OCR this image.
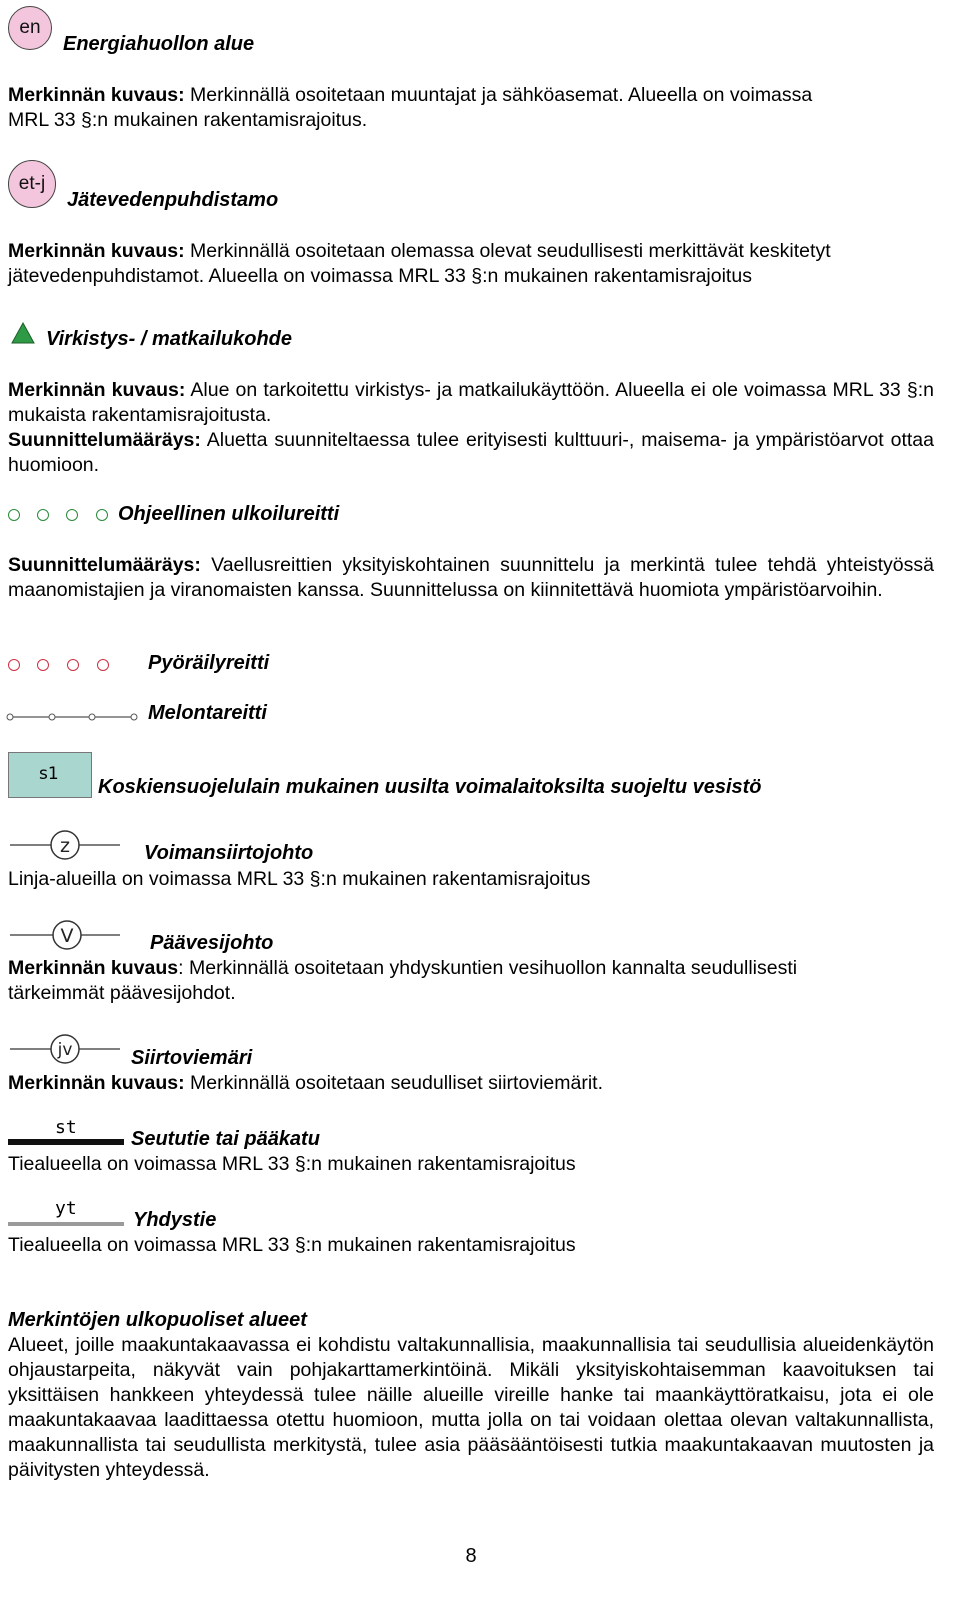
en
Energiahuollon alue
Merkinnän kuvaus: Merkinnällä osoitetaan muuntajat ja sähköasemat. Alueella on voimassa
MRL 33 §:n mukainen rakentamisrajoitus.
et-j
Jätevedenpuhdistamo
Merkinnän kuvaus: Merkinnällä osoitetaan olemassa olevat seudullisesti merkittävät keskitetyt
jätevedenpuhdistamot. Alueella on voimassa MRL 33 §:n mukainen rakentamisrajoitus
Virkistys- / matkailukohde
Merkinnän kuvaus: Alue on tarkoitettu virkistys- ja matkailukäyttöön. Alueella ei ole voimassa MRL 33 §:n mukaista rakentamisrajoitusta.
Suunnittelumääräys: Aluetta suunniteltaessa tulee erityisesti kulttuuri-, maisema- ja ympäristöarvot ottaa huomioon.
Ohjeellinen ulkoilureitti
Suunnittelumääräys: Vaellusreittien yksityiskohtainen suunnittelu ja merkintä tulee tehdä yhteistyössä maanomistajien ja viranomaisten kanssa. Suunnittelussa on kiinnitettävä huomiota ympäristöarvoihin.
Pyöräilyreitti
Melontareitti
s1
Koskiensuojelulain mukainen uusilta voimalaitoksilta suojeltu vesistö
z	Voimansiirtojohto
Linja-alueilla on voimassa MRL 33 §:n mukainen rakentamisrajoitus
V	Päävesijohto
Merkinnän kuvaus: Merkinnällä osoitetaan yhdyskuntien vesihuollon kannalta seudullisesti
tärkeimmät päävesijohdot.
jv	Siirtoviemäri
Merkinnän kuvaus: Merkinnällä osoitetaan seudulliset siirtoviemärit.
st
Seututie tai pääkatu
Tiealueella on voimassa MRL 33 §:n mukainen rakentamisrajoitus
yt
Yhdystie
Tiealueella on voimassa MRL 33 §:n mukainen rakentamisrajoitus
Merkintöjen ulkopuoliset alueet
Alueet, joille maakuntakaavassa ei kohdistu valtakunnallisia, maakunnallisia tai seudullisia alueidenkäytön ohjaustarpeita, näkyvät vain pohjakarttamerkintöinä. Mikäli yksityiskohtaisemman kaavoituksen tai yksittäisen hankkeen yhteydessä tulee näille alueille vireille hanke tai maankäyttöratkaisu, jota ei ole maakuntakaavaa laadittaessa otettu huomioon, mutta jolla on tai voidaan olettaa olevan valtakunnallista, maakunnallista tai seudullista merkitystä, tulee asia pääsääntöisesti tutkia maakuntakaavan muutosten ja päivitysten yhteydessä.
8
